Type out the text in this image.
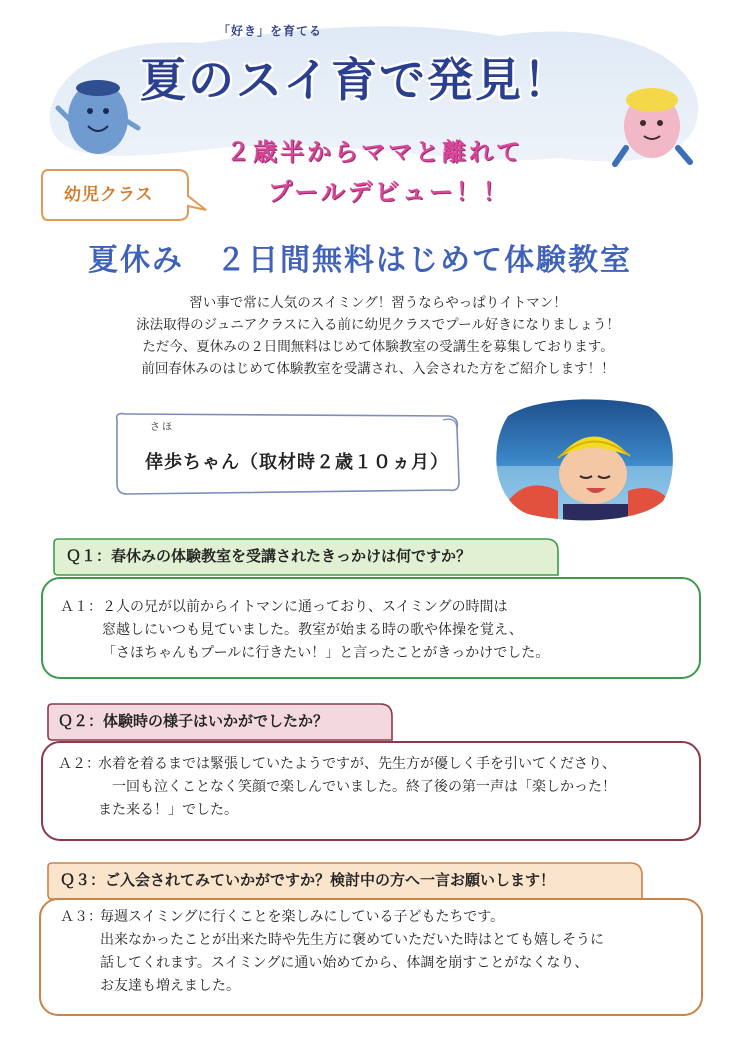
「好き」を育てる
夏のスイ育で発見！
２歳半からママと離れて
プールデビュー！！
幼児クラス
夏休み　２日間無料はじめて体験教室
習い事で常に人気のスイミング！習うならやっぱりイトマン！
泳法取得のジュニアクラスに入る前に幼児クラスでプール好きになりましょう！
ただ今、夏休みの２日間無料はじめて体験教室の受講生を募集しております。
前回春休みのはじめて体験教室を受講され、入会された方をご紹介します！！
さほ
倖歩ちゃん（取材時２歳１０ヵ月）
Ｑ１：春休みの体験教室を受講されたきっかけは何ですか？
Ａ１： ２人の兄が以前からイトマンに通っており、スイミングの時間は
窓越しにいつも見ていました。教室が始まる時の歌や体操を覚え、
「さほちゃんもプールに行きたい！」と言ったことがきっかけでした。
Ｑ２：体験時の様子はいかがでしたか？
Ａ２：
水着を着るまでは緊張していたようですが、先生方が優しく手を引いてくださり、
一回も泣くことなく笑顔で楽しんでいました。終了後の第一声は「楽しかった！
また来る！」でした。
Ｑ３：ご入会されてみていかがですか？検討中の方へ一言お願いします！
Ａ３：
毎週スイミングに行くことを楽しみにしている子どもたちです。
出来なかったことが出来た時や先生方に褒めていただいた時はとても嬉しそうに
話してくれます。スイミングに通い始めてから、体調を崩すことがなくなり、
お友達も増えました。
